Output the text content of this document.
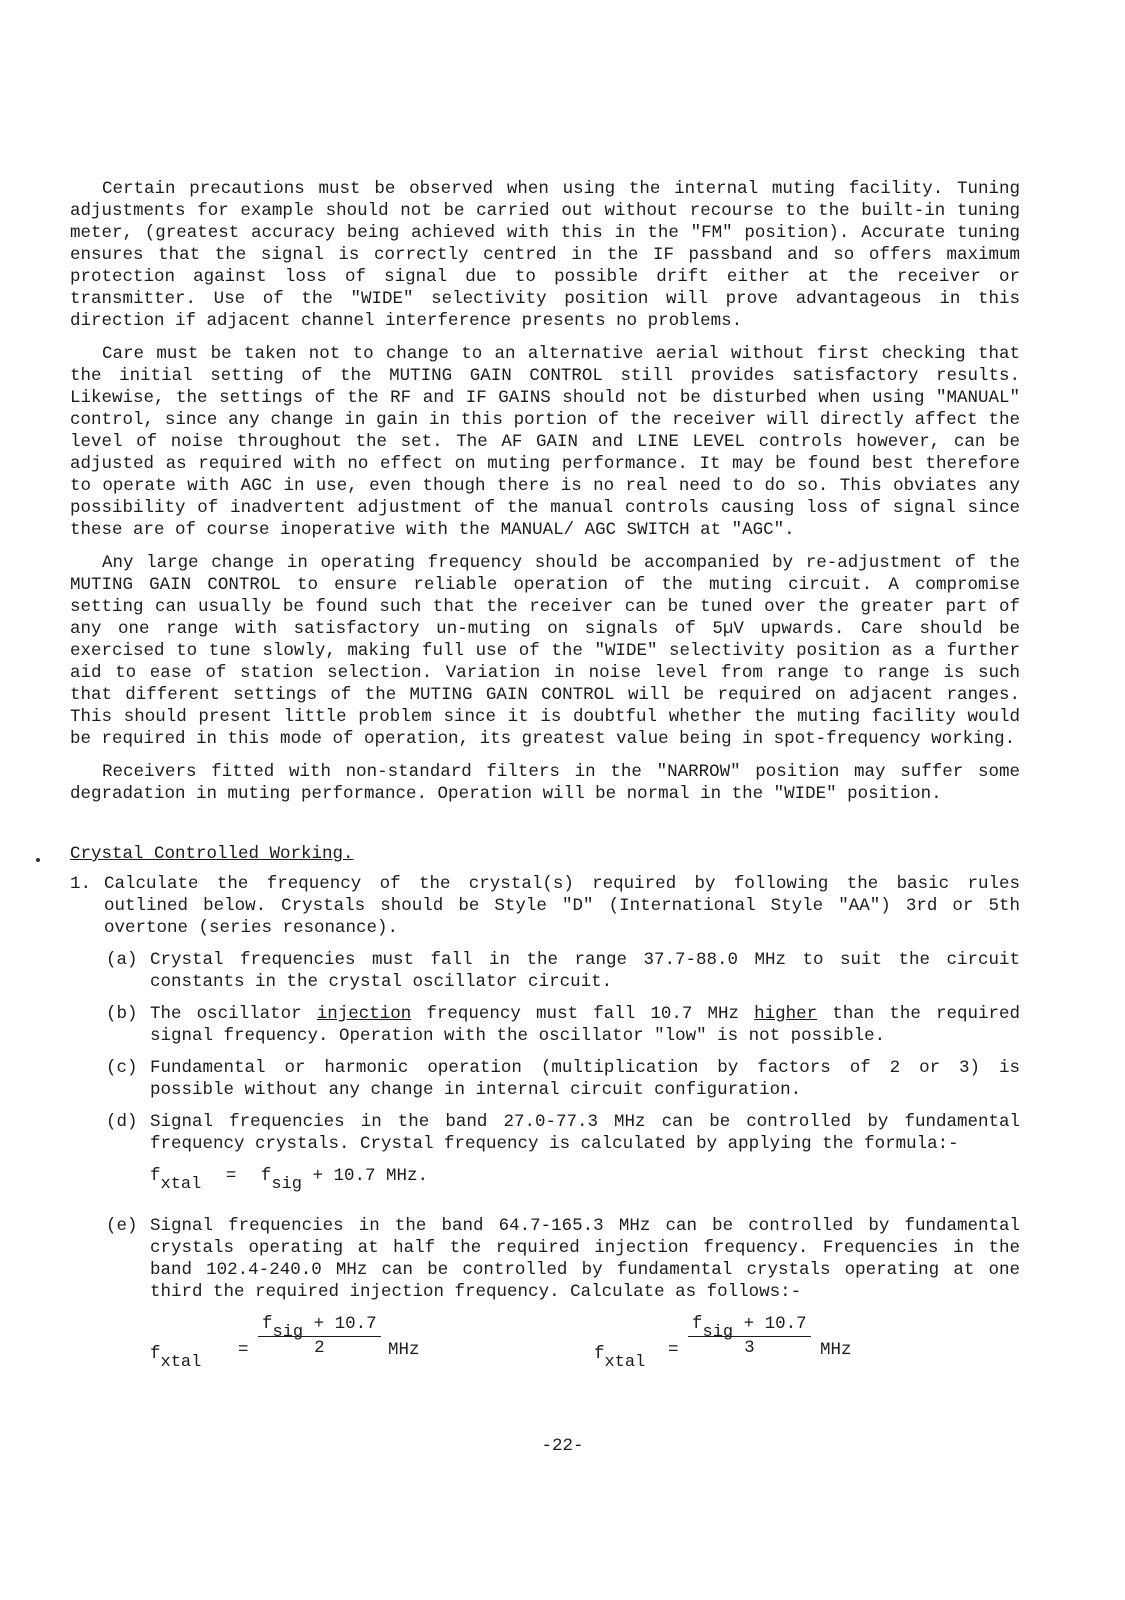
Certain precautions must be observed when using the internal muting facility. Tuning adjustments for example should not be carried out without recourse to the built-in tuning meter, (greatest accuracy being achieved with this in the "FM" position). Accurate tuning ensures that the signal is correctly centred in the IF passband and so offers maximum protection against loss of signal due to possible drift either at the receiver or transmitter. Use of the "WIDE" selectivity position will prove advantageous in this direction if adjacent channel interference presents no problems.

Care must be taken not to change to an alternative aerial without first checking that the initial setting of the MUTING GAIN CONTROL still provides satisfactory results. Likewise, the settings of the RF and IF GAINS should not be disturbed when using "MANUAL" control, since any change in gain in this portion of the receiver will directly affect the level of noise throughout the set. The AF GAIN and LINE LEVEL controls however, can be adjusted as required with no effect on muting performance. It may be found best therefore to operate with AGC in use, even though there is no real need to do so. This obviates any possibility of inadvertent adjustment of the manual controls causing loss of signal since these are of course inoperative with the MANUAL/ AGC SWITCH at "AGC".

Any large change in operating frequency should be accompanied by re-adjustment of the MUTING GAIN CONTROL to ensure reliable operation of the muting circuit. A compromise setting can usually be found such that the receiver can be tuned over the greater part of any one range with satisfactory un-muting on signals of 5µV upwards. Care should be exercised to tune slowly, making full use of the "WIDE" selectivity position as a further aid to ease of station selection. Variation in noise level from range to range is such that different settings of the MUTING GAIN CONTROL will be required on adjacent ranges. This should present little problem since it is doubtful whether the muting facility would be required in this mode of operation, its greatest value being in spot-frequency working.

Receivers fitted with non-standard filters in the "NARROW" position may suffer some degradation in muting performance. Operation will be normal in the "WIDE" position.

Crystal Controlled Working.
1. Calculate the frequency of the crystal(s) required by following the basic rules outlined below. Crystals should be Style "D" (International Style "AA") 3rd or 5th overtone (series resonance).
(a) Crystal frequencies must fall in the range 37.7-88.0 MHz to suit the circuit constants in the crystal oscillator circuit.
(b) The oscillator injection frequency must fall 10.7 MHz higher than the required signal frequency. Operation with the oscillator "low" is not possible.
(c) Fundamental or harmonic operation (multiplication by factors of 2 or 3) is possible without any change in internal circuit configuration.
(d) Signal frequencies in the band 27.0-77.3 MHz can be controlled by fundamental frequency crystals. Crystal frequency is calculated by applying the formula:-
fxtal = fsig + 10.7 MHz.
(e) Signal frequencies in the band 64.7-165.3 MHz can be controlled by fundamental crystals operating at half the required injection frequency. Frequencies in the band 102.4-240.0 MHz can be controlled by fundamental crystals operating at one third the required injection frequency. Calculate as follows:-
fxtal
=
fsig + 10.7
2	MHz	fxtal
=
fsig + 10.7
3	MHz
-22-
